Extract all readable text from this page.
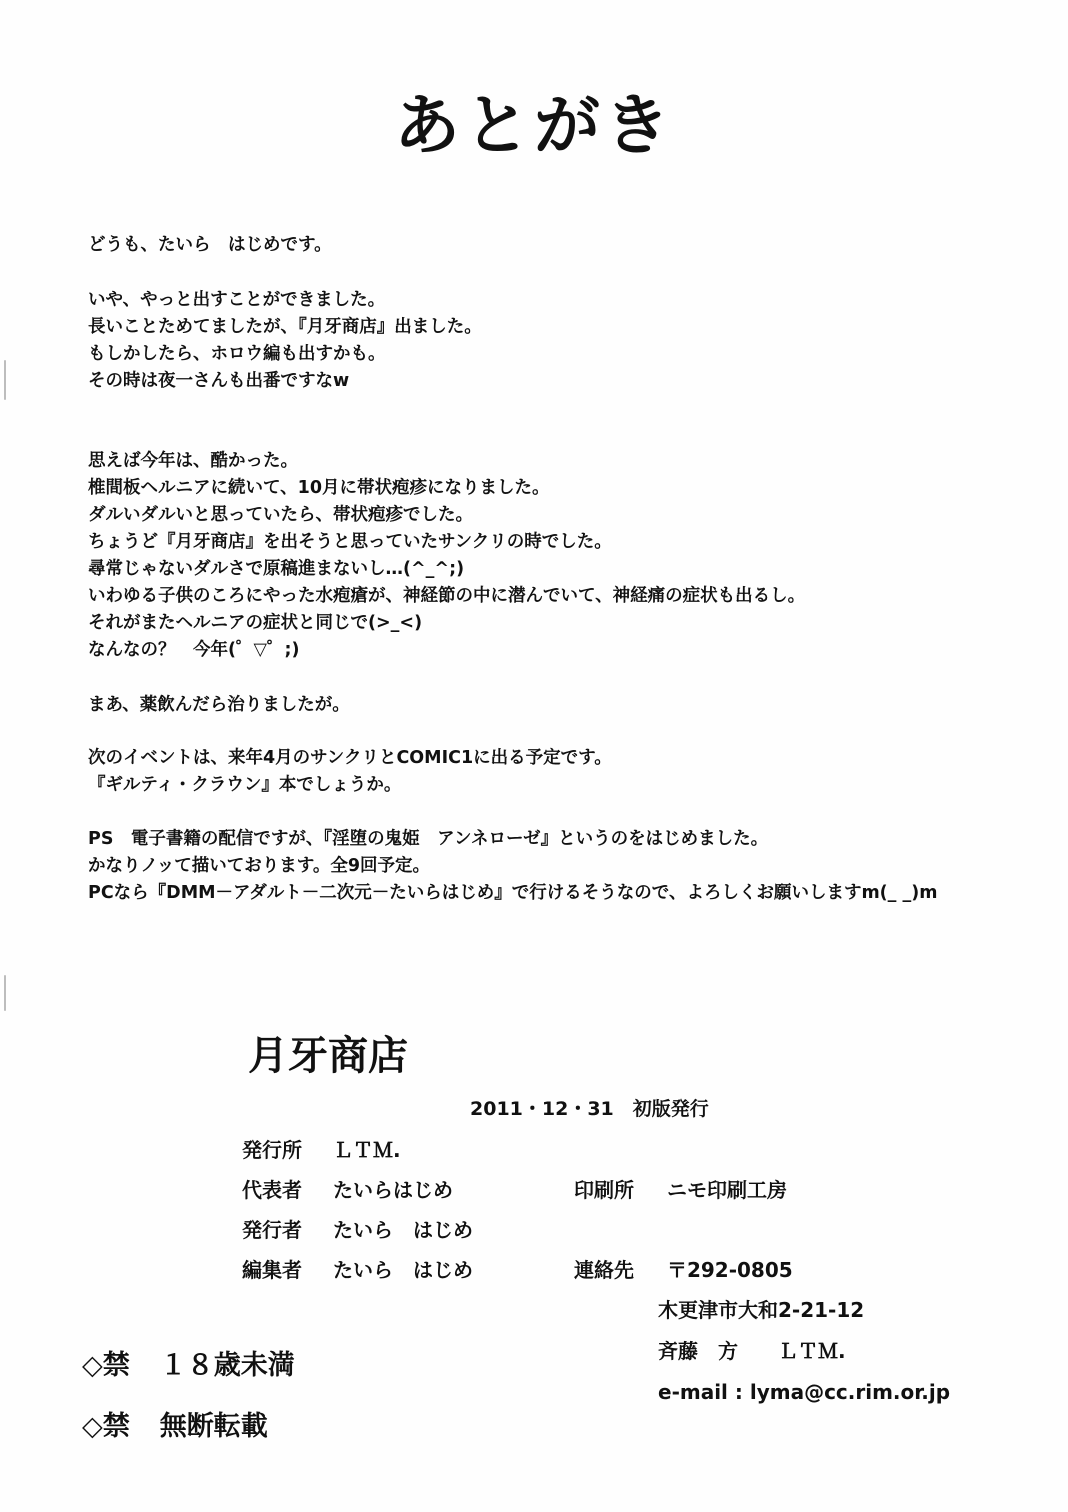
あとがき
どうも、たいら　はじめです。
いや、やっと出すことができました。
長いことためてましたが、『月牙商店』出ました。
もしかしたら、ホロウ編も出すかも。
その時は夜一さんも出番ですなw
思えば今年は、酷かった。
椎間板ヘルニアに続いて、10月に帯状疱疹になりました。
ダルいダルいと思っていたら、帯状疱疹でした。
ちょうど『月牙商店』を出そうと思っていたサンクリの時でした。
尋常じゃないダルさで原稿進まないし…(^_^;)
いわゆる子供のころにやった水疱瘡が、神経節の中に潜んでいて、神経痛の症状も出るし。
それがまたヘルニアの症状と同じで(>_<)
なんなの？　今年(゜▽゜;)
まあ、薬飲んだら治りましたが。
次のイベントは、来年4月のサンクリとCOMIC1に出る予定です。
『ギルティ・クラウン』本でしょうか。
PS　電子書籍の配信ですが、『淫堕の鬼姫　アンネローゼ』というのをはじめました。
かなりノッて描いております。全9回予定。
PCなら『DMM－アダルト－二次元－たいらはじめ』で行けるそうなので、よろしくお願いしますm(_ _)m
月牙商店
2011・12・31　初版発行
発行所 ＬＴＭ.
代表者 たいらはじめ
発行者 たいら　はじめ
編集者 たいら　はじめ
印刷所 ニモ印刷工房
連絡先 〒292-0805
木更津市大和2-21-12
斉藤　方　　ＬＴＭ.
e-mail : lyma@cc.rim.or.jp
◇禁 １８歳未満
◇禁 無断転載
